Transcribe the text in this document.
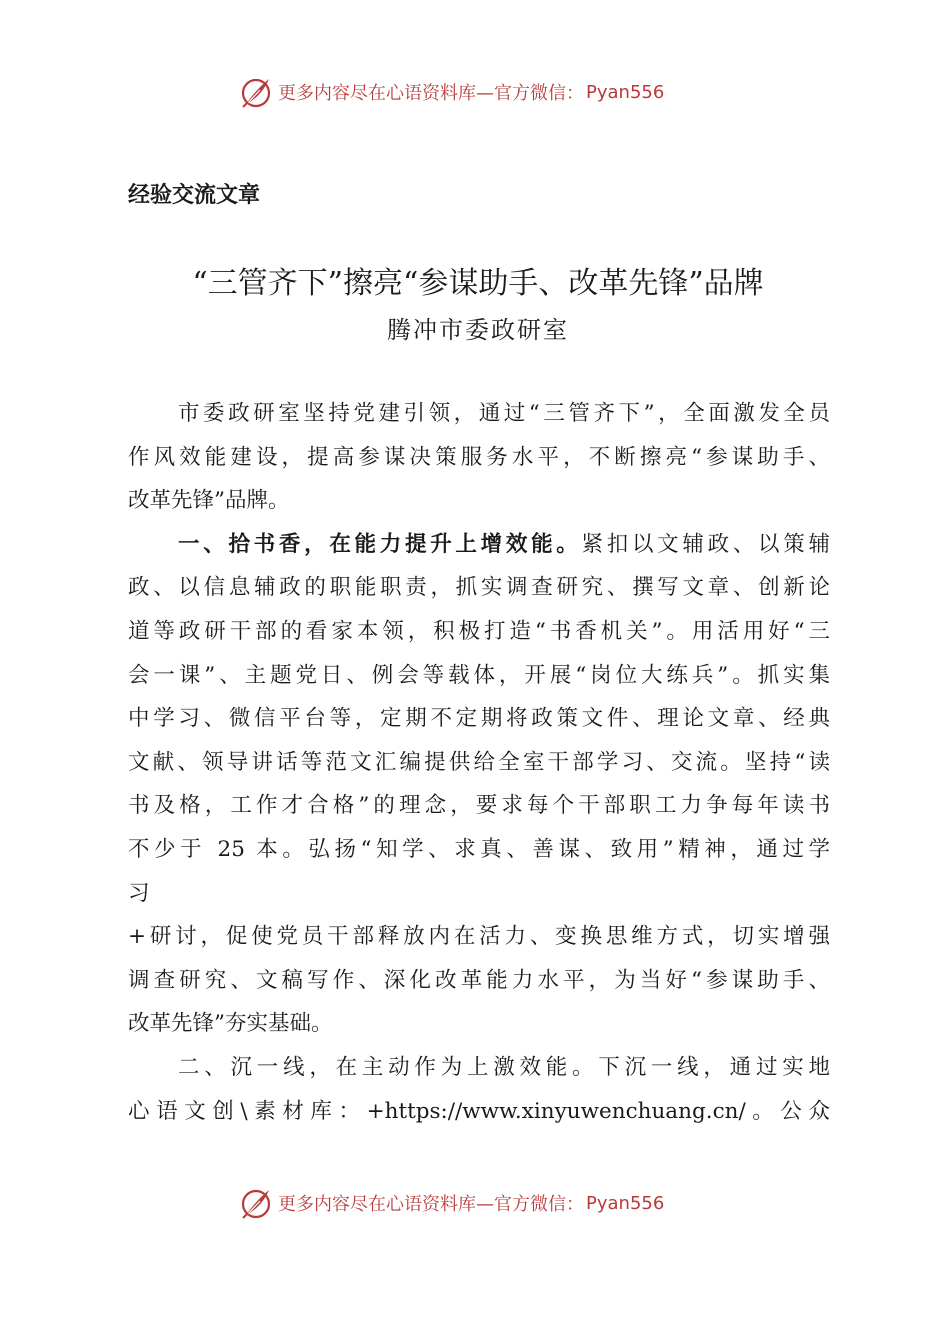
更多内容尽在心语资料库—官方微信： Pyan556
经验交流文章
“三管齐下”擦亮“参谋助手、改革先锋”品牌
腾冲市委政研室
市委政研室坚持党建引领，通过“三管齐下”，全面激发全员
作风效能建设，提高参谋决策服务水平，不断擦亮“参谋助手、
改革先锋”品牌。
一、拾书香，在能力提升上增效能。紧扣以文辅政、以策辅
政、以信息辅政的职能职责，抓实调查研究、撰写文章、创新论
道等政研干部的看家本领，积极打造“书香机关”。用活用好“三
会一课”、主题党日、例会等载体，开展“岗位大练兵”。抓实集
中学习、微信平台等，定期不定期将政策文件、理论文章、经典
文献、领导讲话等范文汇编提供给全室干部学习、交流。坚持“读
书及格，工作才合格”的理念，要求每个干部职工力争每年读书
不少于 25 本。弘扬“知学、求真、善谋、致用”精神，通过学
习
+研讨，促使党员干部释放内在活力、变换思维方式，切实增强
调查研究、文稿写作、深化改革能力水平，为当好“参谋助手、
改革先锋”夯实基础。
二、沉一线，在主动作为上激效能。下沉一线，通过实地
心语文创\素材库：+https://www.xinyuwenchuang.cn/。公众
更多内容尽在心语资料库—官方微信： Pyan556
